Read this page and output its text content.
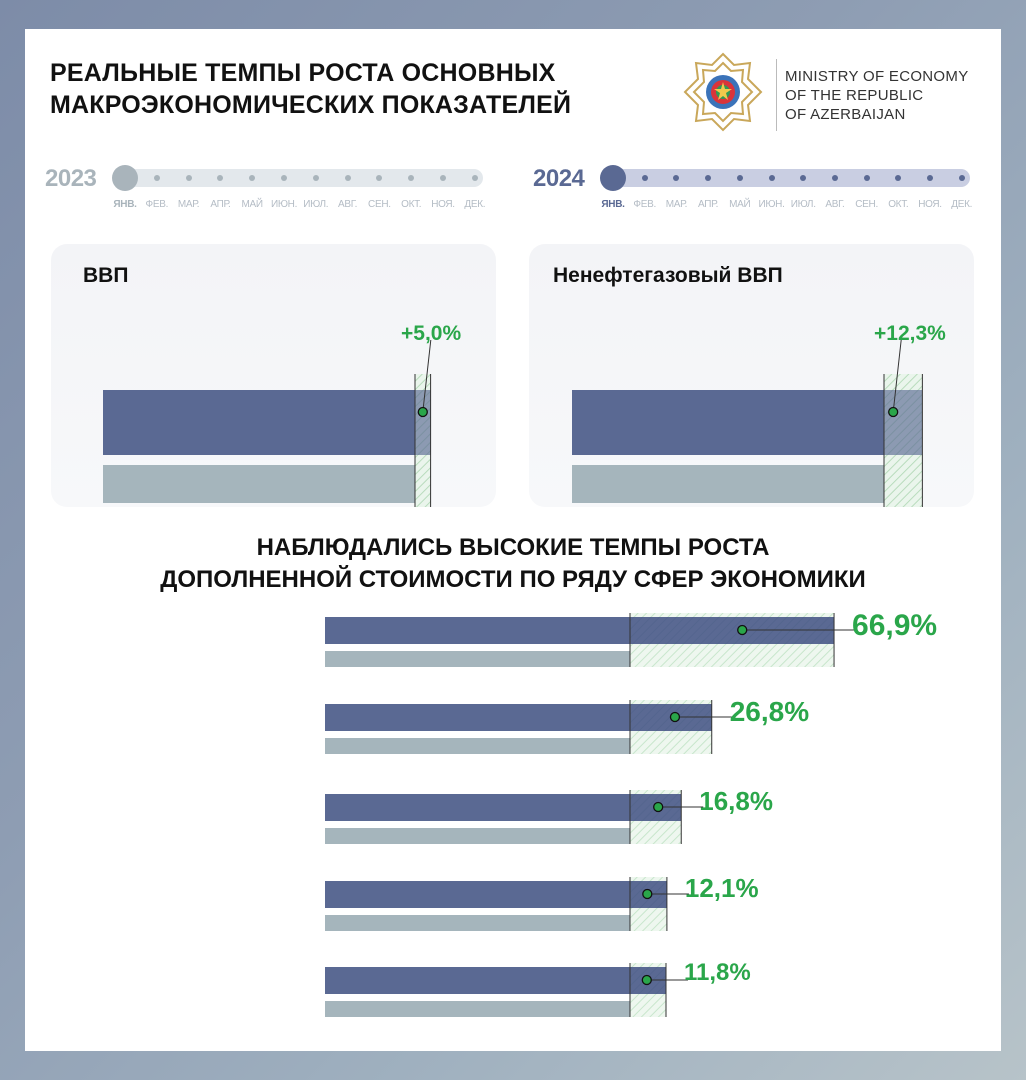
РЕАЛЬНЫЕ ТЕМПЫ РОСТА ОСНОВНЫХ
МАКРОЭКОНОМИЧЕСКИХ ПОКАЗАТЕЛЕЙ
MINISTRY OF ECONOMY
OF THE REPUBLIC
OF AZERBAIJAN
2023
ЯНВ. ФЕВ. МАР.	АПР.	МАЙ ИЮН. ИЮЛ. АВГ.	СЕН.	ОКТ. НОЯ. ДЕК.
2024
ЯНВ. ФЕВ. МАР.	АПР.	МАЙ ИЮН. ИЮЛ. АВГ.	СЕН.	ОКТ. НОЯ. ДЕК.
ВВП
+5,0%
Ненефтегазовый ВВП
+12,3%
НАБЛЮДАЛИСЬ ВЫСОКИЕ ТЕМПЫ РОСТА
ДОПОЛНЕННОЙ СТОИМОСТИ ПО РЯДУ СФЕР ЭКОНОМИКИ
66,9%
26,8%
16,8%
12,1%
11,8%
